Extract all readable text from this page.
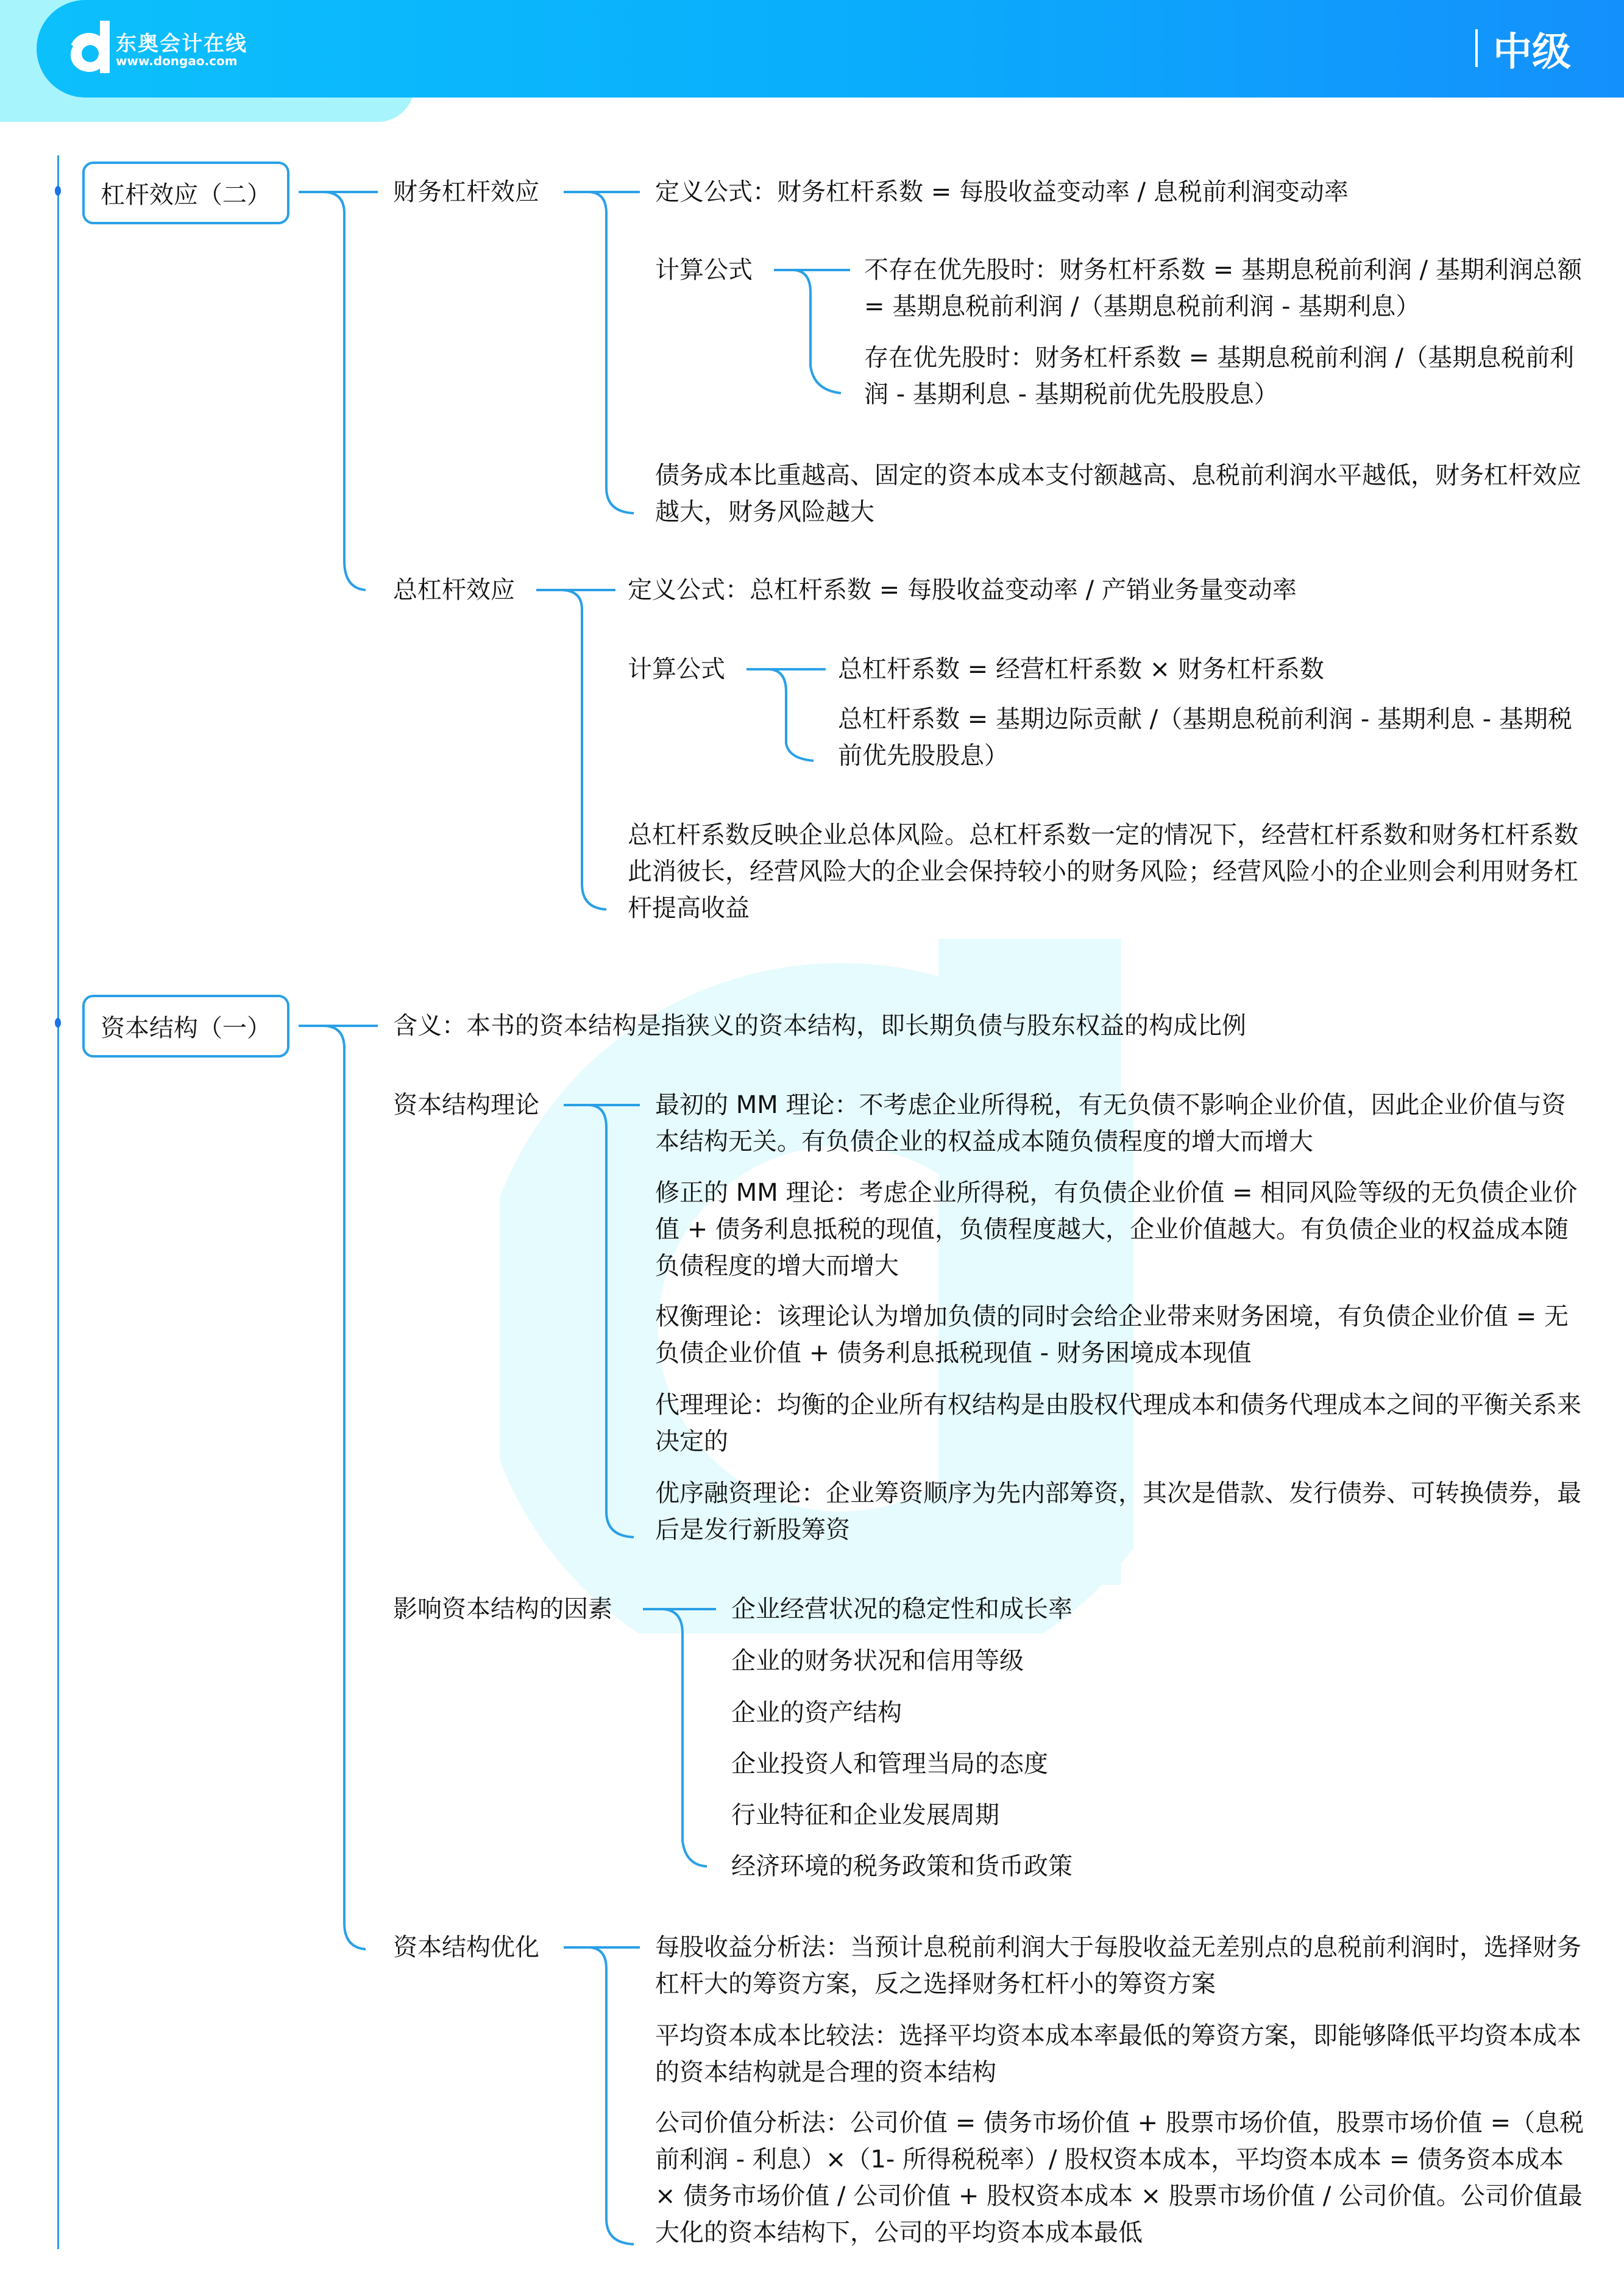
东奥会计在线
www.dongao.com	中级
杠杆效应（二）	财务杠杆效应	定义公式：财务杠杆系数 = 每股收益变动率 / 息税前利润变动率
计算公式	不存在优先股时：财务杠杆系数 = 基期息税前利润 / 基期利润总额 = 基期息税前利润 /（基期息税前利润 - 基期利息）
存在优先股时：财务杠杆系数 = 基期息税前利润 /（基期息税前利润 - 基期利息 - 基期税前优先股股息）
债务成本比重越高、固定的资本成本支付额越高、息税前利润水平越低，财务杠杆效应越大，财务风险越大
总杠杆效应	定义公式：总杠杆系数 = 每股收益变动率 / 产销业务量变动率
计算公式	总杠杆系数 = 经营杠杆系数 × 财务杠杆系数
总杠杆系数 = 基期边际贡献 /（基期息税前利润 - 基期利息 - 基期税前优先股股息）
总杠杆系数反映企业总体风险。总杠杆系数一定的情况下，经营杠杆系数和财务杠杆系数此消彼长，经营风险大的企业会保持较小的财务风险；经营风险小的企业则会利用财务杠杆提高收益
资本结构（一）	含义：本书的资本结构是指狭义的资本结构，即长期负债与股东权益的构成比例
资本结构理论	最初的 MM 理论：不考虑企业所得税，有无负债不影响企业价值，因此企业价值与资本结构无关。有负债企业的权益成本随负债程度的增大而增大
修正的 MM 理论：考虑企业所得税，有负债企业价值 = 相同风险等级的无负债企业价值 + 债务利息抵税的现值，负债程度越大，企业价值越大。有负债企业的权益成本随负债程度的增大而增大
权衡理论：该理论认为增加负债的同时会给企业带来财务困境，有负债企业价值 = 无负债企业价值 + 债务利息抵税现值 - 财务困境成本现值
代理理论：均衡的企业所有权结构是由股权代理成本和债务代理成本之间的平衡关系来决定的
优序融资理论：企业筹资顺序为先内部筹资，其次是借款、发行债券、可转换债券，最后是发行新股筹资
影响资本结构的因素	企业经营状况的稳定性和成长率
企业的财务状况和信用等级
企业的资产结构
企业投资人和管理当局的态度
行业特征和企业发展周期
经济环境的税务政策和货币政策
资本结构优化	每股收益分析法：当预计息税前利润大于每股收益无差别点的息税前利润时，选择财务杠杆大的筹资方案，反之选择财务杠杆小的筹资方案
平均资本成本比较法：选择平均资本成本率最低的筹资方案，即能够降低平均资本成本的资本结构就是合理的资本结构
公司价值分析法：公司价值 = 债务市场价值 + 股票市场价值，股票市场价值 =（息税前利润 - 利息）×（1- 所得税税率）/ 股权资本成本，平均资本成本 = 债务资本成本 × 债务市场价值 / 公司价值 + 股权资本成本 × 股票市场价值 / 公司价值。公司价值最大化的资本结构下，公司的平均资本成本最低
